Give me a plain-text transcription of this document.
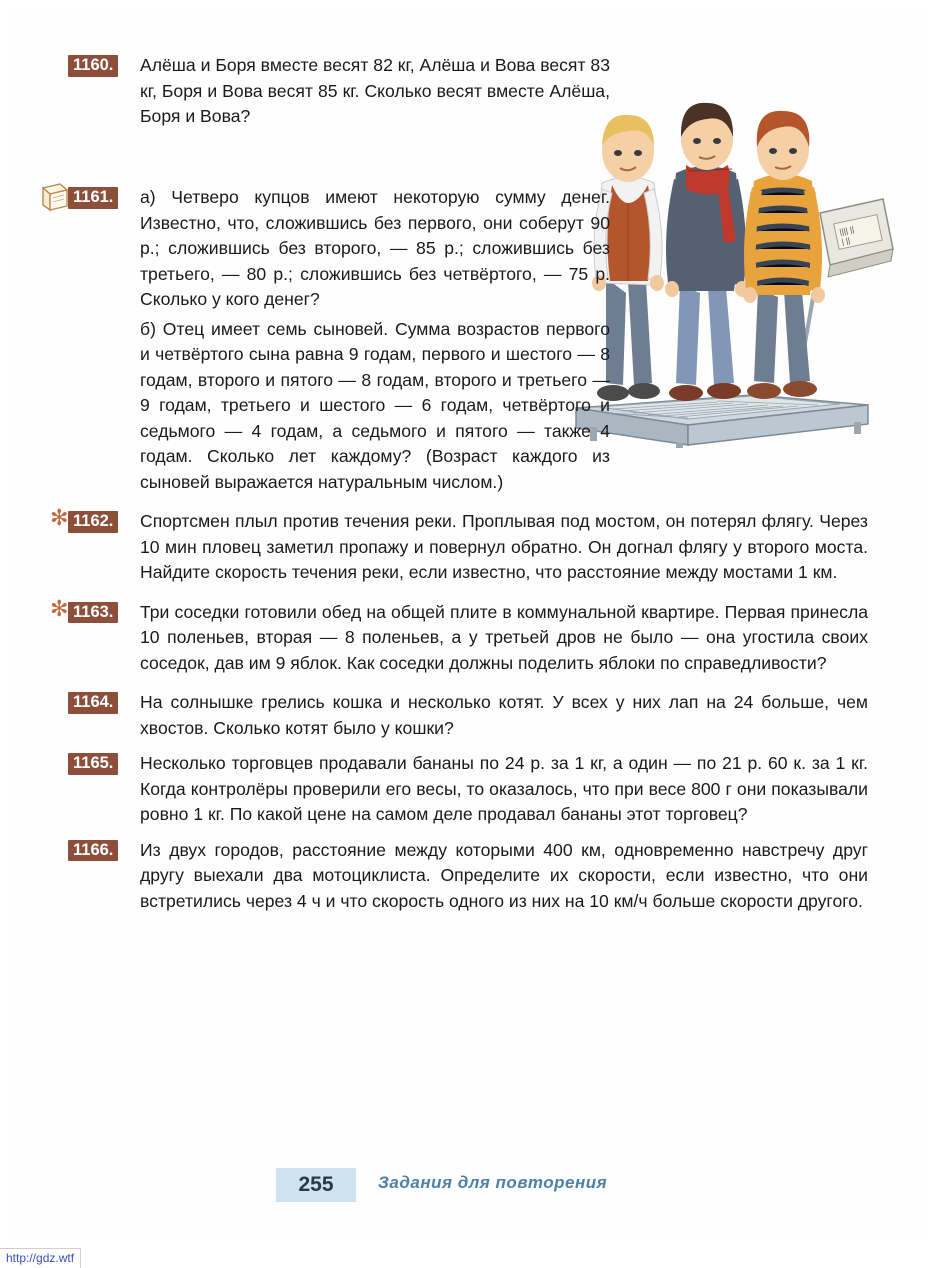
|||| ||
| ||
1160.	Алёша и Боря вместе весят 82 кг, Алёша и Вова весят 83 кг, Боря и Вова весят 85 кг. Сколько весят вместе Алёша, Боря и Вова?
1161.	а) Четверо купцов имеют некоторую сумму денег. Известно, что, сложившись без первого, они соберут 90 р.; сложившись без второго, — 85 р.; сложившись без третьего, — 80 р.; сложившись без четвёртого, — 75 р. Сколько у кого денег?
б) Отец имеет семь сыновей. Сумма возрастов первого и четвёртого сына равна 9 годам, первого и шестого — 8 годам, второго и пятого — 8 годам, второго и третьего — 9 годам, третьего и шестого — 6 годам, четвёртого и седьмого — 4 годам, а седьмого и пятого — также 4 годам. Сколько лет каждому? (Возраст каждого из сыновей выражается натуральным числом.)
✻ 1162.	Спортсмен плыл против течения реки. Проплывая под мостом, он потерял флягу. Через 10 мин пловец заметил пропажу и повернул обратно. Он догнал флягу у второго моста. Найдите скорость течения реки, если известно, что расстояние между мостами 1 км.
✻ 1163.	Три соседки готовили обед на общей плите в коммунальной квартире. Первая принесла 10 поленьев, вторая — 8 поленьев, а у третьей дров не было — она угостила своих соседок, дав им 9 яблок. Как соседки должны поделить яблоки по справедливости?
1164.	На солнышке грелись кошка и несколько котят. У всех у них лап на 24 больше, чем хвостов. Сколько котят было у кошки?
1165.	Несколько торговцев продавали бананы по 24 р. за 1 кг, а один — по 21 р. 60 к. за 1 кг. Когда контролёры проверили его весы, то оказалось, что при весе 800 г они показывали ровно 1 кг. По какой цене на самом деле продавал бананы этот торговец?
1166.	Из двух городов, расстояние между которыми 400 км, одновременно навстречу друг другу выехали два мотоциклиста. Определите их скорости, если известно, что они встретились через 4 ч и что скорость одного из них на 10 км/ч больше скорости другого.
255	Задания для повторения
http://gdz.wtf
